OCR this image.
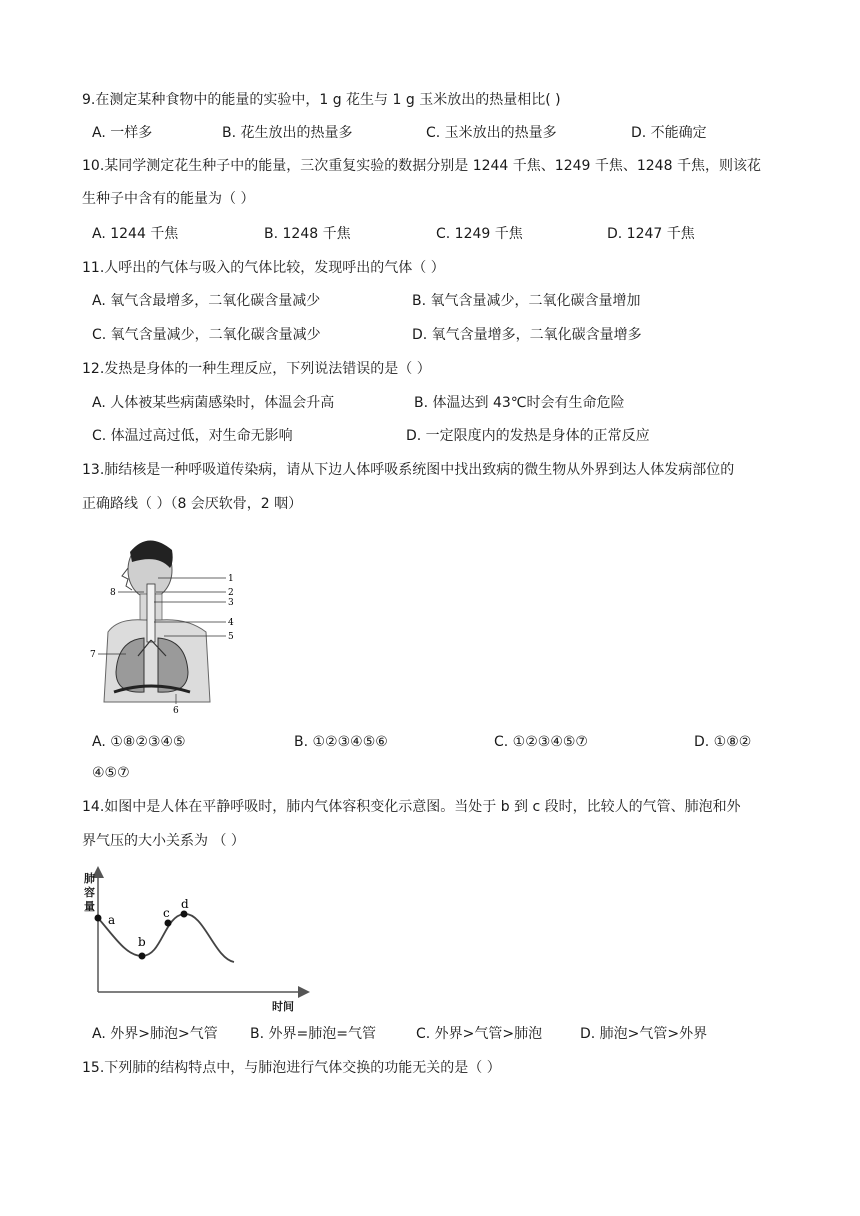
9.在测定某种食物中的能量的实验中，1 g 花生与 1 g 玉米放出的热量相比( )
A. 一样多	B. 花生放出的热量多	C. 玉米放出的热量多	D. 不能确定
10.某同学测定花生种子中的能量，三次重复实验的数据分别是 1244 千焦、1249 千焦、1248 千焦，则该花
生种子中含有的能量为（ ）
A. 1244 千焦	B. 1248 千焦	C. 1249 千焦	D. 1247 千焦
11.人呼出的气体与吸入的气体比较，发现呼出的气体（ ）
A. 氧气含最增多，二氧化碳含量减少	B. 氧气含量减少，二氧化碳含量增加
C. 氧气含量减少，二氧化碳含量减少	D. 氧气含量增多，二氧化碳含量增多
12.发热是身体的一种生理反应，下列说法错误的是（ ）
A. 人体被某些病菌感染时，体温会升高	B. 体温达到 43℃时会有生命危险
C. 体温过高过低，对生命无影响	D. 一定限度内的发热是身体的正常反应
13.肺结核是一种呼吸道传染病，请从下边人体呼吸系统图中找出致病的微生物从外界到达人体发病部位的
正确路线（ ）（8 会厌软骨，2 咽）
1
2
3
4
5
6
7
8
A. ①⑧②③④⑤	B. ①②③④⑤⑥	C. ①②③④⑤⑦	D. ①⑧②
④⑤⑦
14.如图中是人体在平静呼吸时，肺内气体容积变化示意图。当处于 b 到 c 段时，比较人的气管、肺泡和外
界气压的大小关系为 （ ）
a
b
c
d
肺容量
时间
A. 外界>肺泡>气管 B. 外界=肺泡=气管	C. 外界>气管>肺泡	D. 肺泡>气管>外界
15.下列肺的结构特点中，与肺泡进行气体交换的功能无关的是（ ）
